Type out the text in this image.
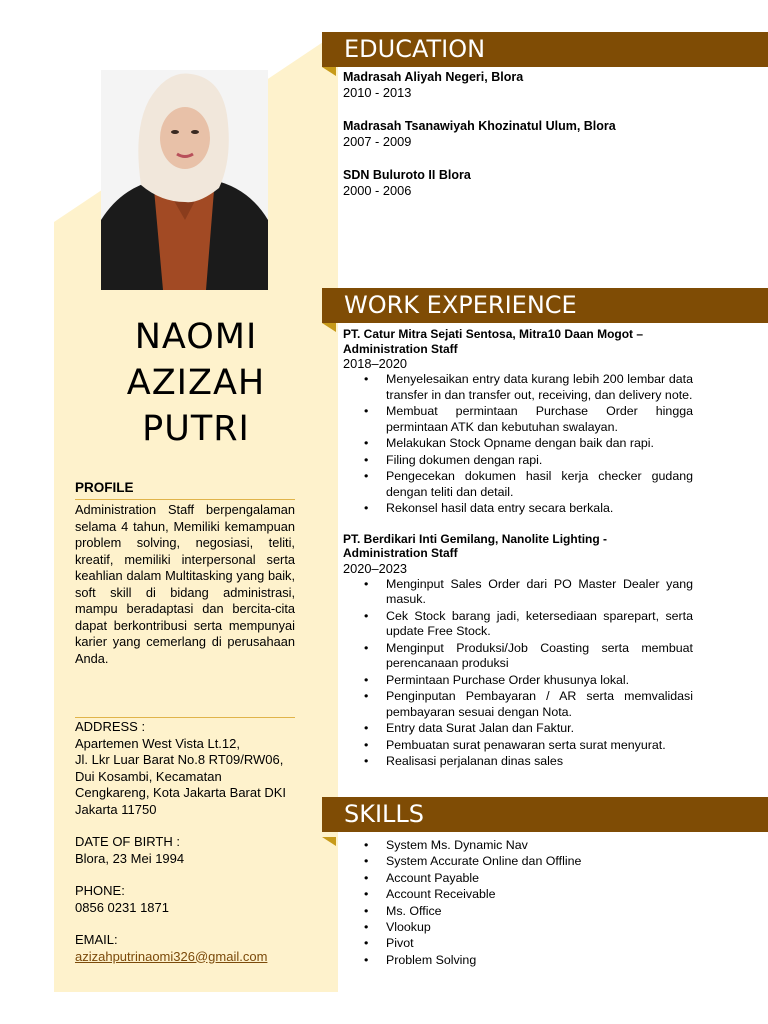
NAOMI
AZIZAH
PUTRI
PROFILE
Administration Staff berpengalaman selama 4 tahun, Memiliki kemampuan problem solving, negosiasi, teliti, kreatif, memiliki interpersonal serta keahlian dalam Multitasking yang baik, soft skill di bidang administrasi, mampu beradaptasi dan bercita-cita dapat berkontribusi serta mempunyai karier yang cemerlang di perusahaan Anda.
ADDRESS :
Apartemen West Vista Lt.12,
Jl. Lkr Luar Barat No.8 RT09/RW06,
Dui Kosambi, Kecamatan
Cengkareng, Kota Jakarta Barat DKI
Jakarta 11750
DATE OF BIRTH :
Blora, 23 Mei 1994
PHONE:
0856 0231 1871
EMAIL:
azizahputrinaomi326@gmail.com
EDUCATION
Madrasah Aliyah Negeri, Blora
2010 - 2013
Madrasah Tsanawiyah Khozinatul Ulum, Blora
2007 - 2009
SDN Buluroto II Blora
2000 - 2006
WORK EXPERIENCE
PT. Catur Mitra Sejati Sentosa, Mitra10 Daan Mogot –
Administration Staff
2018–2020
• Menyelesaikan entry data kurang lebih 200 lembar data transfer in dan transfer out, receiving, dan delivery note.
• Membuat permintaan Purchase Order hingga permintaan ATK dan kebutuhan swalayan.
• Melakukan Stock Opname dengan baik dan rapi.
• Filing dokumen dengan rapi.
• Pengecekan dokumen hasil kerja checker gudang dengan teliti dan detail.
• Rekonsel hasil data entry secara berkala.
PT. Berdikari Inti Gemilang, Nanolite Lighting -
Administration Staff
2020–2023
• Menginput Sales Order dari PO Master Dealer yang masuk.
• Cek Stock barang jadi, ketersediaan sparepart, serta update Free Stock.
• Menginput Produksi/Job Coasting serta membuat perencanaan produksi
• Permintaan Purchase Order khusunya lokal.
• Penginputan Pembayaran / AR serta memvalidasi pembayaran sesuai dengan Nota.
• Entry data Surat Jalan dan Faktur.
• Pembuatan surat penawaran serta surat menyurat.
• Realisasi perjalanan dinas sales
SKILLS
• System Ms. Dynamic Nav
• System Accurate Online dan Offline
• Account Payable
• Account Receivable
• Ms. Office
• Vlookup
• Pivot
• Problem Solving
